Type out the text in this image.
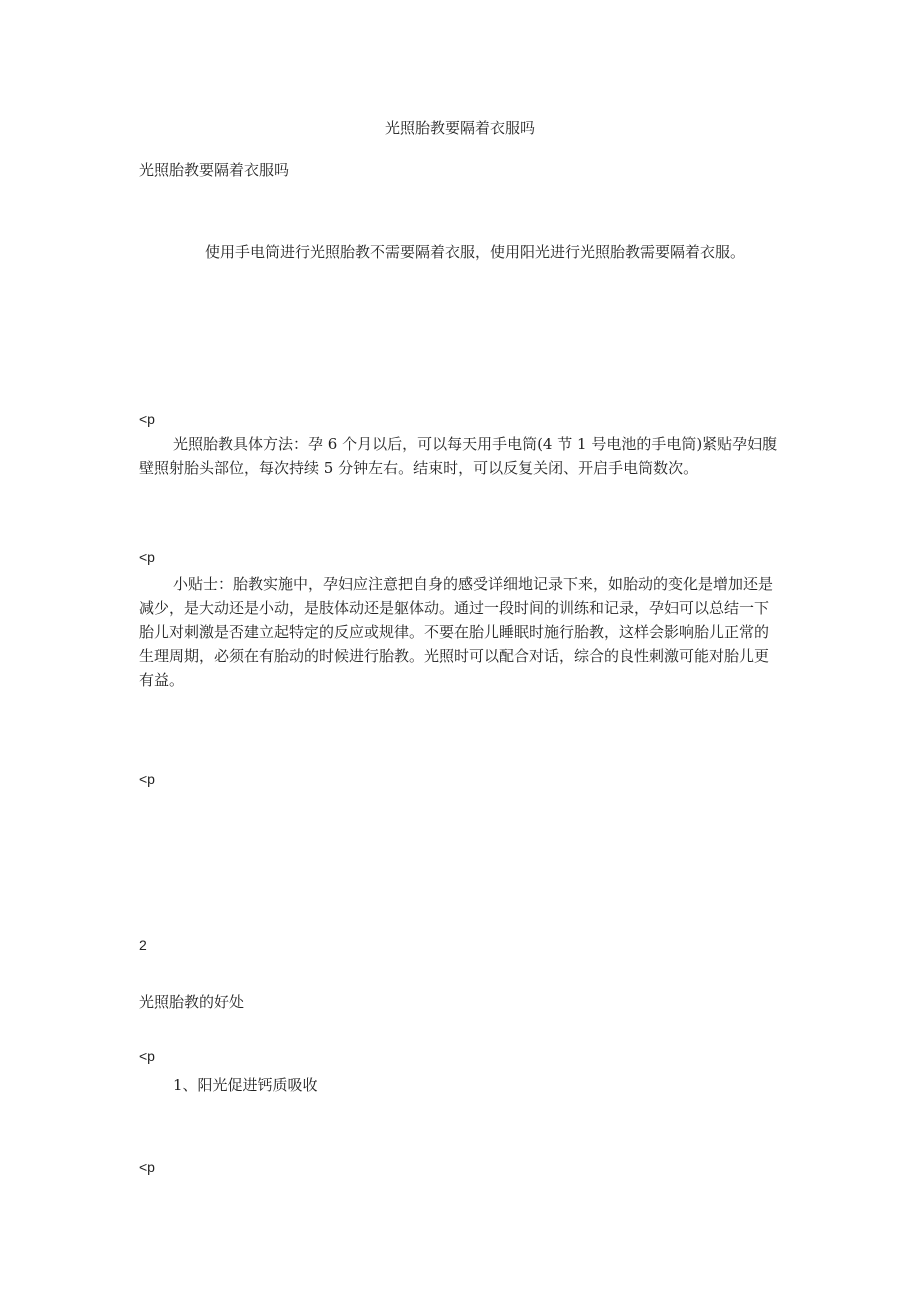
光照胎教要隔着衣服吗
光照胎教要隔着衣服吗
使用手电筒进行光照胎教不需要隔着衣服，使用阳光进行光照胎教需要隔着衣服。
<p
光照胎教具体方法：孕 6 个月以后，可以每天用手电筒(4 节 1 号电池的手电筒)紧贴孕妇腹壁照射胎头部位，每次持续 5 分钟左右。结束时，可以反复关闭、开启手电筒数次。
<p
小贴士：胎教实施中，孕妇应注意把自身的感受详细地记录下来，如胎动的变化是增加还是减少，是大动还是小动，是肢体动还是躯体动。通过一段时间的训练和记录，孕妇可以总结一下胎儿对刺激是否建立起特定的反应或规律。不要在胎儿睡眠时施行胎教，这样会影响胎儿正常的生理周期，必须在有胎动的时候进行胎教。光照时可以配合对话，综合的良性刺激可能对胎儿更有益。
<p
2
光照胎教的好处
<p
1、阳光促进钙质吸收
<p
